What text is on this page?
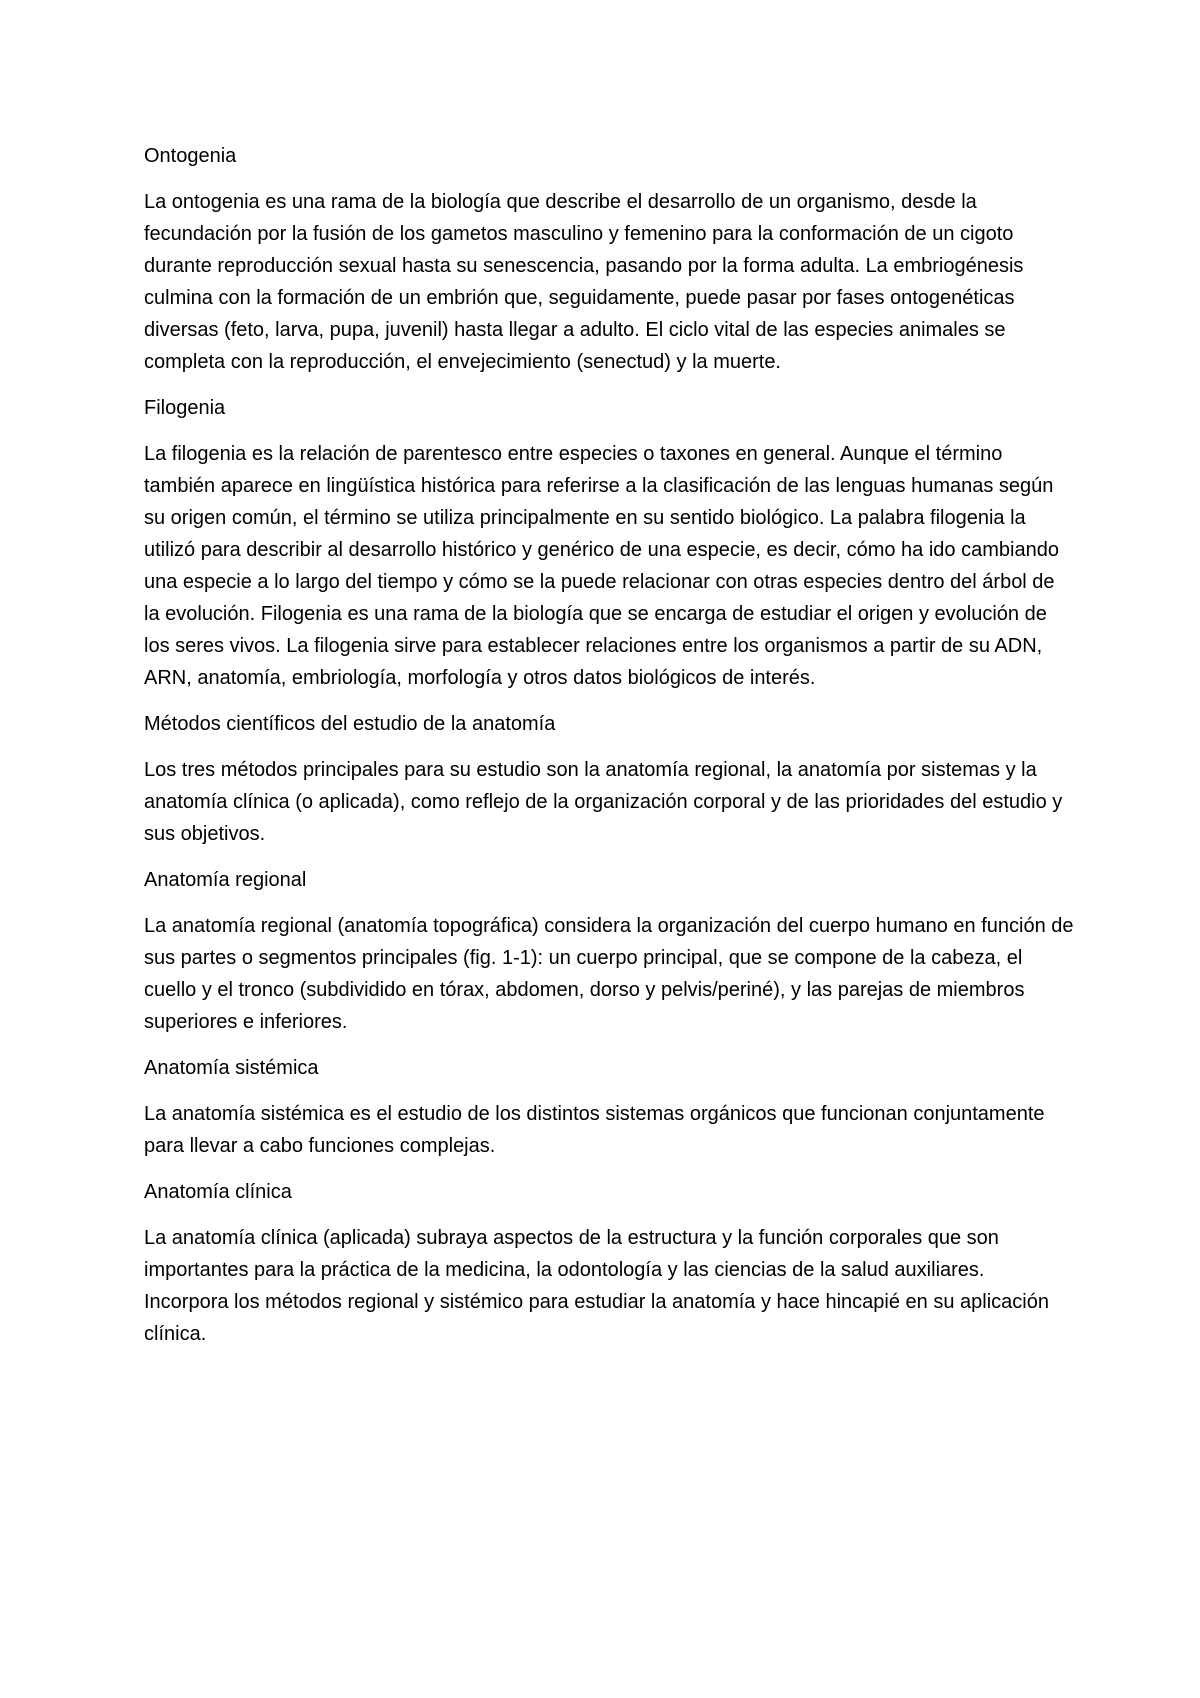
Ontogenia
La ontogenia es una rama de la biología que describe el desarrollo de un organismo, desde la fecundación por la fusión de los gametos masculino y femenino para la conformación de un cigoto durante reproducción sexual hasta su senescencia, pasando por la forma adulta. La embriogénesis culmina con la formación de un embrión que, seguidamente, puede pasar por fases ontogenéticas diversas (feto, larva, pupa, juvenil) hasta llegar a adulto. El ciclo vital de las especies animales se completa con la reproducción, el envejecimiento (senectud) y la muerte.
Filogenia
La filogenia es la relación de parentesco entre especies o taxones en general. Aunque el término también aparece en lingüística histórica para referirse a la clasificación de las lenguas humanas según su origen común, el término se utiliza principalmente en su sentido biológico. La palabra filogenia la utilizó para describir al desarrollo histórico y genérico de una especie, es decir, cómo ha ido cambiando una especie a lo largo del tiempo y cómo se la puede relacionar con otras especies dentro del árbol de la evolución. Filogenia es una rama de la biología que se encarga de estudiar el origen y evolución de los seres vivos. La filogenia sirve para establecer relaciones entre los organismos a partir de su ADN, ARN, anatomía, embriología, morfología y otros datos biológicos de interés.
Métodos científicos del estudio de la anatomía
Los tres métodos principales para su estudio son la anatomía regional, la anatomía por sistemas y la anatomía clínica (o aplicada), como reflejo de la organización corporal y de las prioridades del estudio y sus objetivos.
Anatomía regional
La anatomía regional (anatomía topográfica) considera la organización del cuerpo humano en función de sus partes o segmentos principales (fig. 1-1): un cuerpo principal, que se compone de la cabeza, el cuello y el tronco (subdividido en tórax, abdomen, dorso y pelvis/periné), y las parejas de miembros superiores e inferiores.
Anatomía sistémica
La anatomía sistémica es el estudio de los distintos sistemas orgánicos que funcionan conjuntamente para llevar a cabo funciones complejas.
Anatomía clínica
La anatomía clínica (aplicada) subraya aspectos de la estructura y la función corporales que son importantes para la práctica de la medicina, la odontología y las ciencias de la salud auxiliares. Incorpora los métodos regional y sistémico para estudiar la anatomía y hace hincapié en su aplicación clínica.
